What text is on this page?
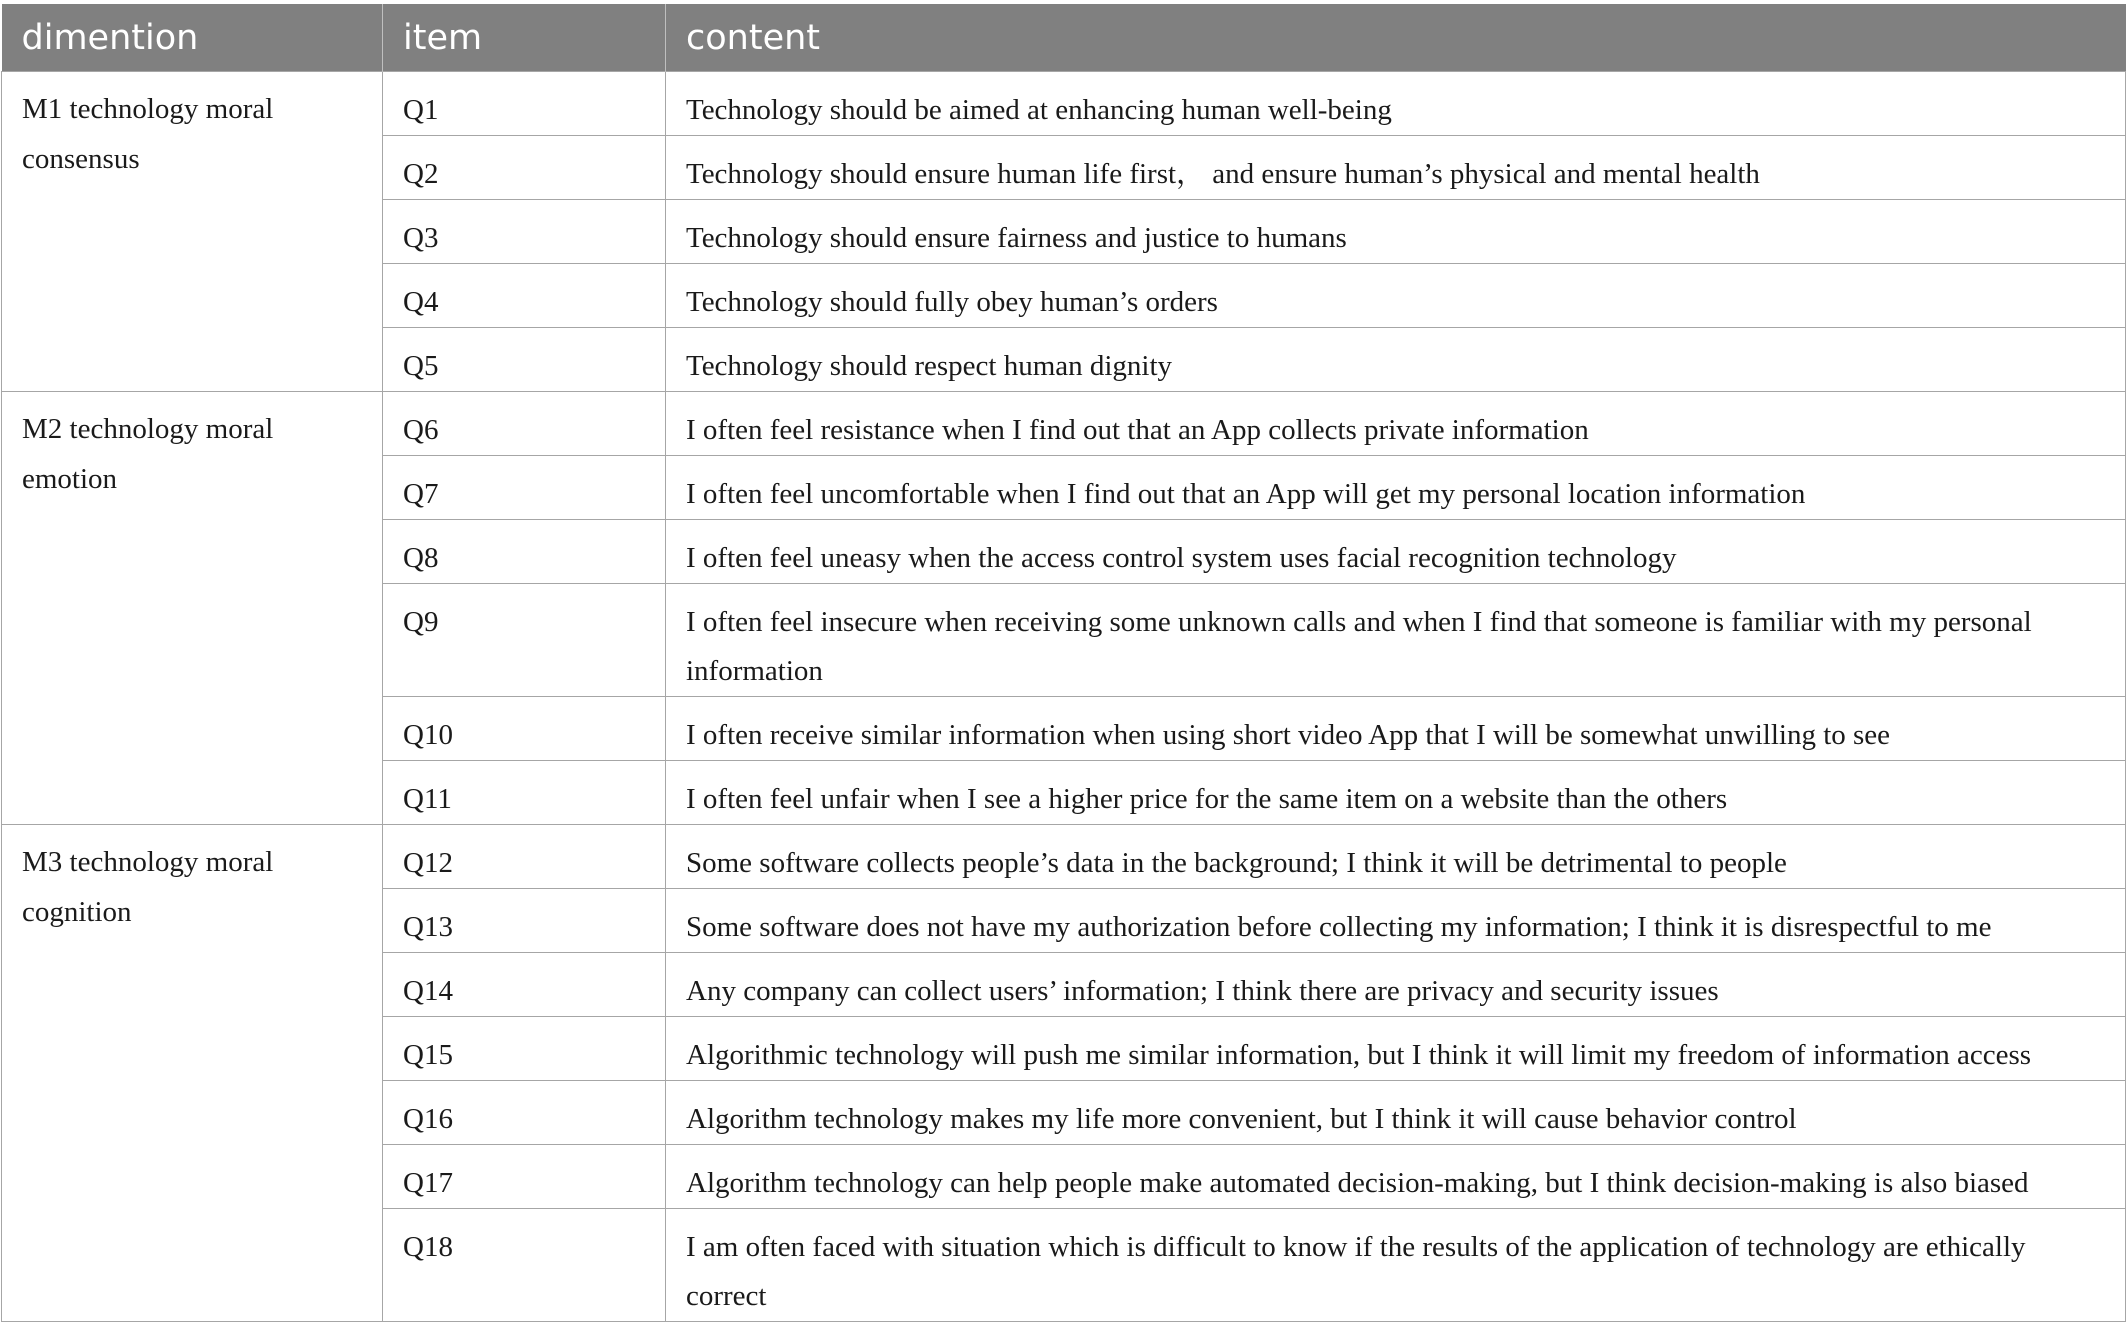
dimention	item	content
M1 technology moral consensus	Q1	Technology should be aimed at enhancing human well-being
	Q2	Technology should ensure human life first， and ensure human’s physical and mental health
	Q3	Technology should ensure fairness and justice to humans
	Q4	Technology should fully obey human’s orders
	Q5	Technology should respect human dignity
M2 technology moral emotion	Q6	I often feel resistance when I find out that an App collects private information
	Q7	I often feel uncomfortable when I find out that an App will get my personal location information
	Q8	I often feel uneasy when the access control system uses facial recognition technology
	Q9	I often feel insecure when receiving some unknown calls and when I find that someone is familiar with my personal information
	Q10	I often receive similar information when using short video App that I will be somewhat unwilling to see
	Q11	I often feel unfair when I see a higher price for the same item on a website than the others
M3 technology moral cognition	Q12	Some software collects people’s data in the background; I think it will be detrimental to people
	Q13	Some software does not have my authorization before collecting my information; I think it is disrespectful to me
	Q14	Any company can collect users’ information; I think there are privacy and security issues
	Q15	Algorithmic technology will push me similar information, but I think it will limit my freedom of information access
	Q16	Algorithm technology makes my life more convenient, but I think it will cause behavior control
	Q17	Algorithm technology can help people make automated decision-making, but I think decision-making is also biased
	Q18	I am often faced with situation which is difficult to know if the results of the application of technology are ethically correct
